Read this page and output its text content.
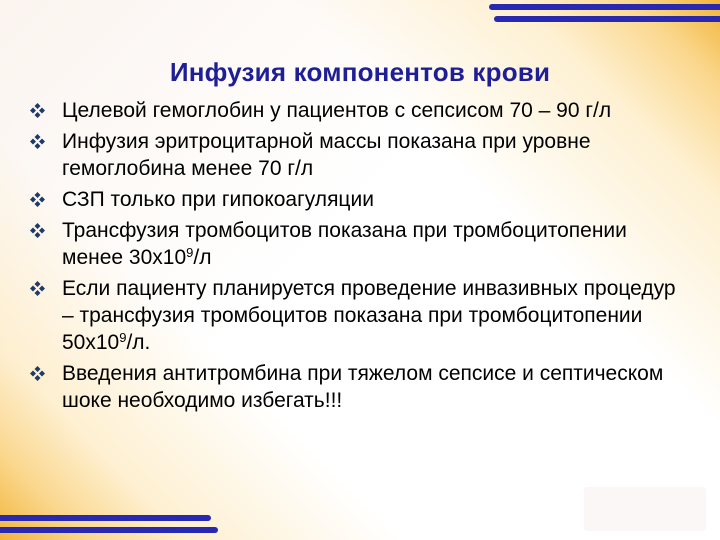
Инфузия компонентов крови
Целевой гемоглобин у пациентов с сепсисом 70 – 90 г/л
Инфузия эритроцитарной массы показана при уровне гемоглобина менее 70 г/л
СЗП только при гипокоагуляции
Трансфузия тромбоцитов показана при тромбоцитопении менее $30х10^9/л$
Если пациенту планируется проведение инвазивных процедур – трансфузия тромбоцитов показана при тромбоцитопении $50х10^9/л$.
Введения антитромбина при тяжелом сепсисе и септическом шоке необходимо избегать!!!
